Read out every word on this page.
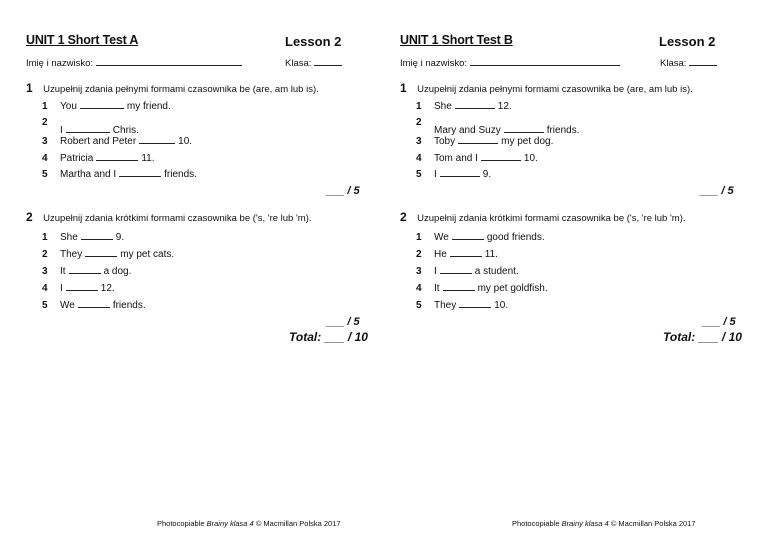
UNIT 1 Short Test A	Lesson 2
Imię i nazwisko:	Klasa:
1 Uzupełnij zdania pełnymi formami czasownika be (are, am lub is).
1 You	my friend.
2
I	Chris.
3 Robert and Peter	10.
4 Patricia	11.
5 Martha and I	friends.
___ / 5
2 Uzupełnij zdania krótkimi formami czasownika be ('s, 're lub 'm).
1 She	9.
2 They	my pet cats.
3 It	a dog.
4 I	12.
5 We	friends.
___ / 5
Total: ___ / 10
Photocopiable Brainy klasa 4 © Macmillan Polska 2017
UNIT 1 Short Test B	Lesson 2
Imię i nazwisko:	Klasa:
1 Uzupełnij zdania pełnymi formami czasownika be (are, am lub is).
1 She	12.
2
Mary and Suzy	friends.
3 Toby	my pet dog.
4 Tom and I	10.
5 I	9.
___ / 5
2 Uzupełnij zdania krótkimi formami czasownika be ('s, 're lub 'm).
1 We	good friends.
2 He	11.
3 I	a student.
4 It	my pet goldfish.
5 They	10.
___ / 5
Total: ___ / 10
Photocopiable Brainy klasa 4 © Macmillan Polska 2017
